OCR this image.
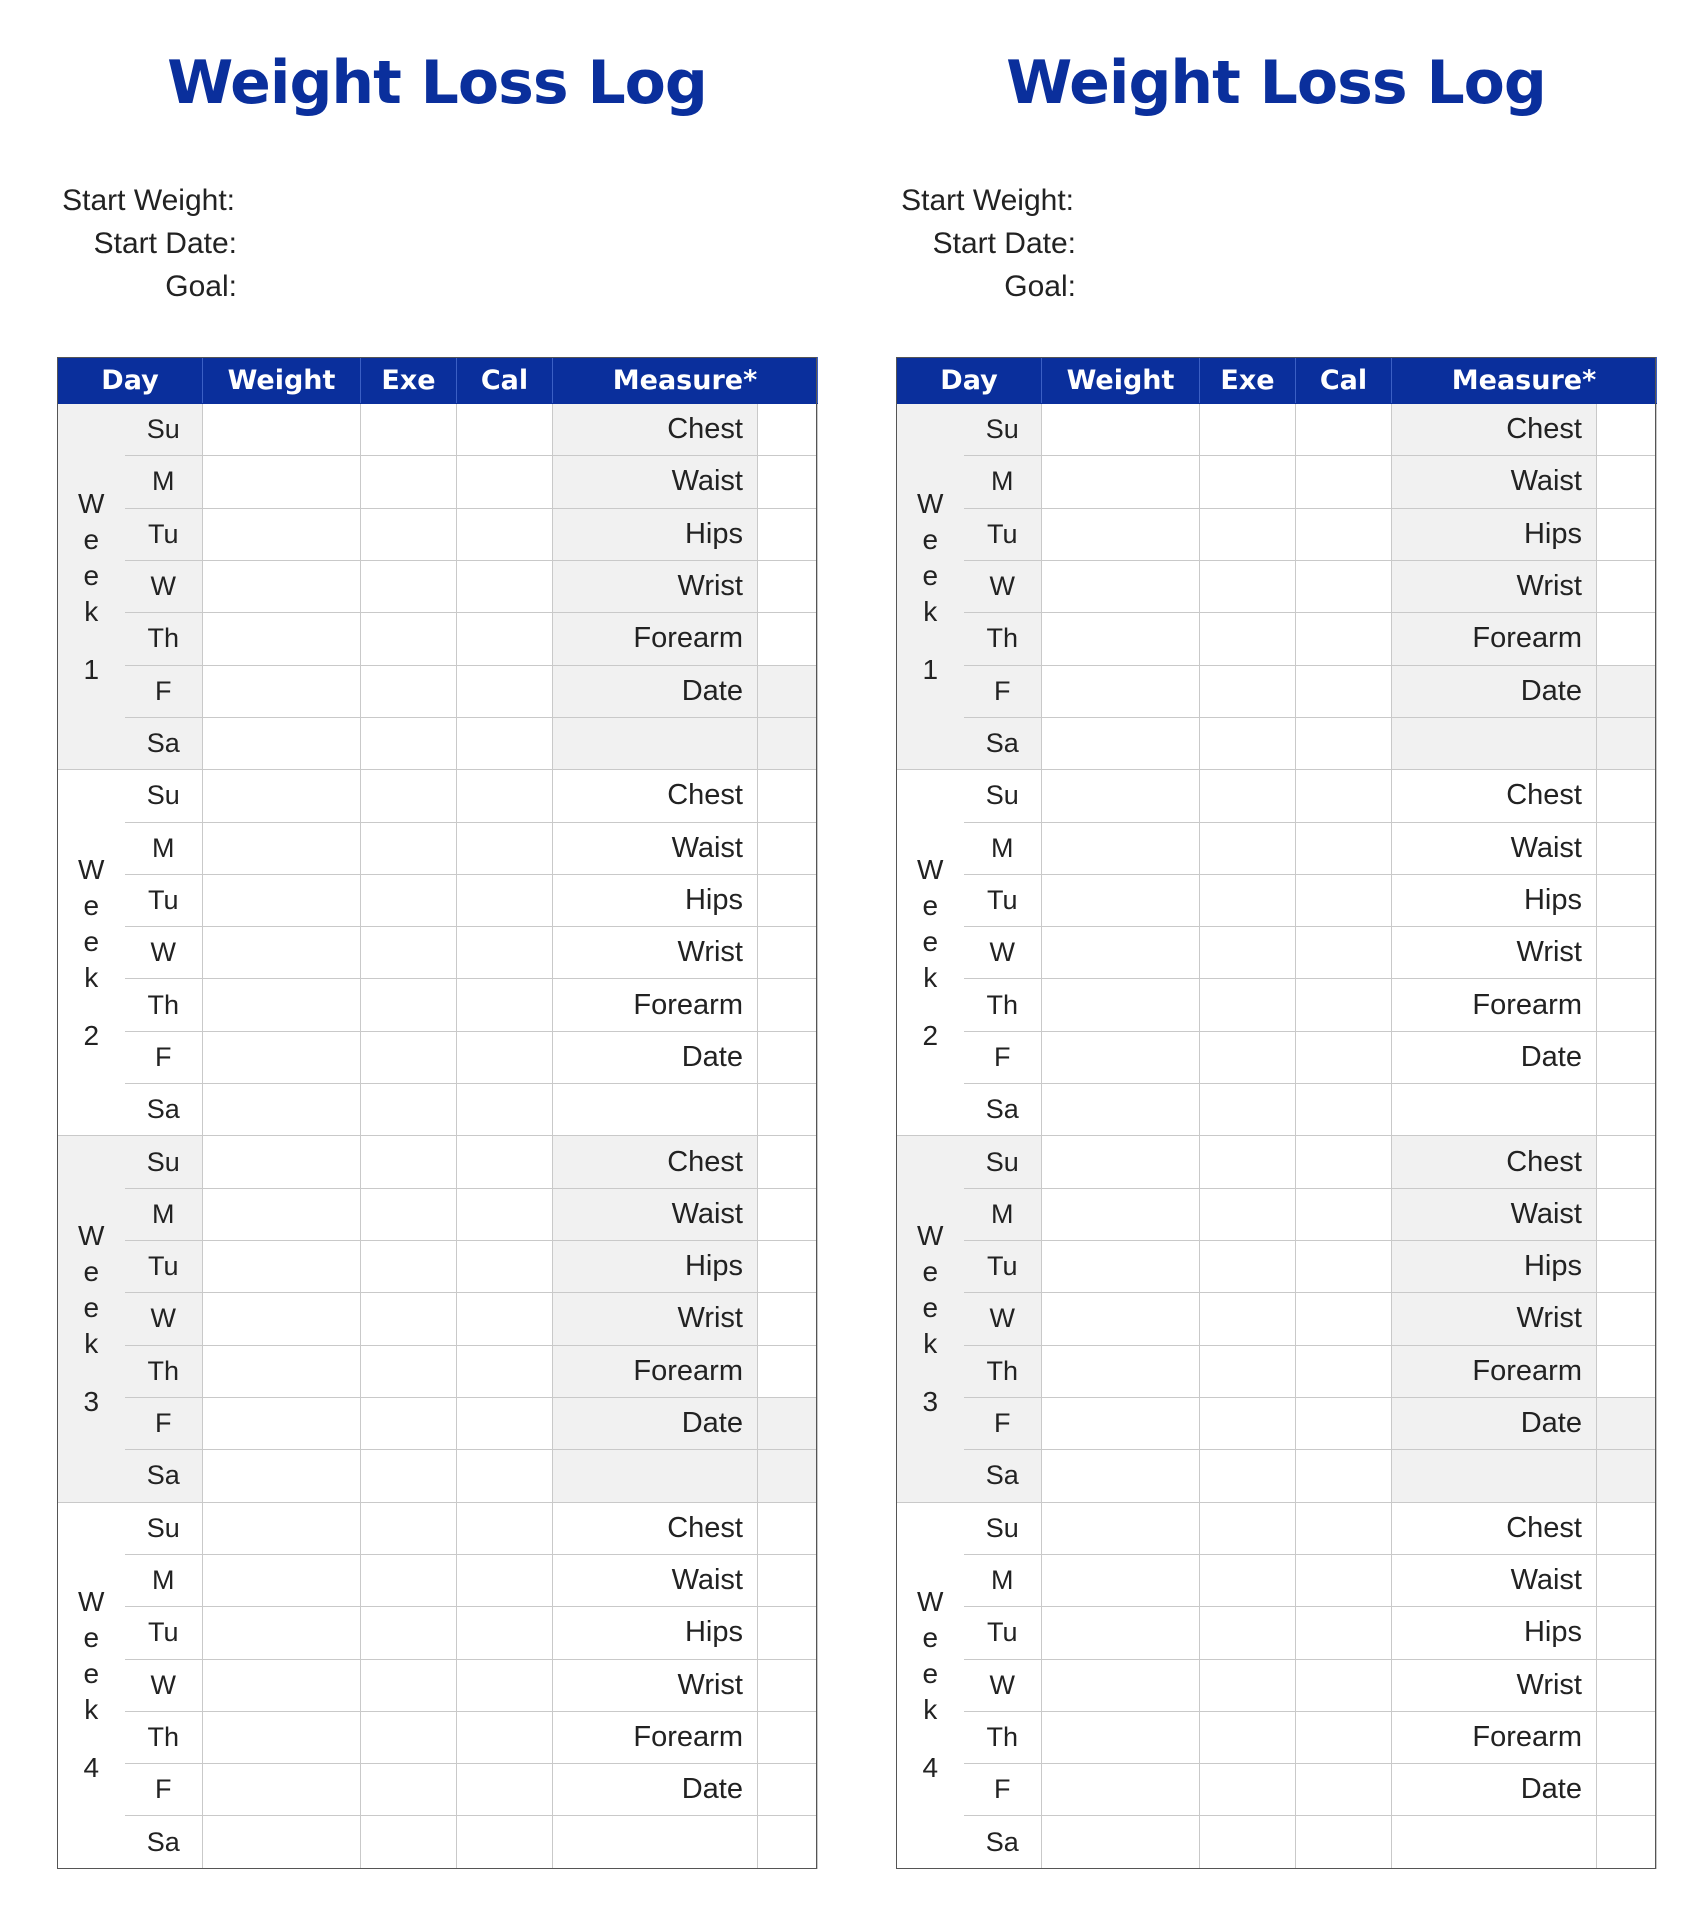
Weight Loss Log
Start Weight:
Start Date:
Goal:
Day		Weight	Exe	Cal	Measure*	

W
e
e
k
1	Su				Chest	
	M				Waist	
	Tu				Hips	
	W				Wrist	
	Th				Forearm	
	F				Date	
	Sa					

W
e
e
k
2	Su				Chest	
	M				Waist	
	Tu				Hips	
	W				Wrist	
	Th				Forearm	
	F				Date	
	Sa					

W
e
e
k
3	Su				Chest	
	M				Waist	
	Tu				Hips	
	W				Wrist	
	Th				Forearm	
	F				Date	
	Sa					

W
e
e
k
4	Su				Chest	
	M				Waist	
	Tu				Hips	
	W				Wrist	
	Th				Forearm	
	F				Date	
	Sa					
Weight Loss Log
Start Weight:
Start Date:
Goal:
Day		Weight	Exe	Cal	Measure*	

W
e
e
k
1	Su				Chest	
	M				Waist	
	Tu				Hips	
	W				Wrist	
	Th				Forearm	
	F				Date	
	Sa					

W
e
e
k
2	Su				Chest	
	M				Waist	
	Tu				Hips	
	W				Wrist	
	Th				Forearm	
	F				Date	
	Sa					

W
e
e
k
3	Su				Chest	
	M				Waist	
	Tu				Hips	
	W				Wrist	
	Th				Forearm	
	F				Date	
	Sa					

W
e
e
k
4	Su				Chest	
	M				Waist	
	Tu				Hips	
	W				Wrist	
	Th				Forearm	
	F				Date	
	Sa					
